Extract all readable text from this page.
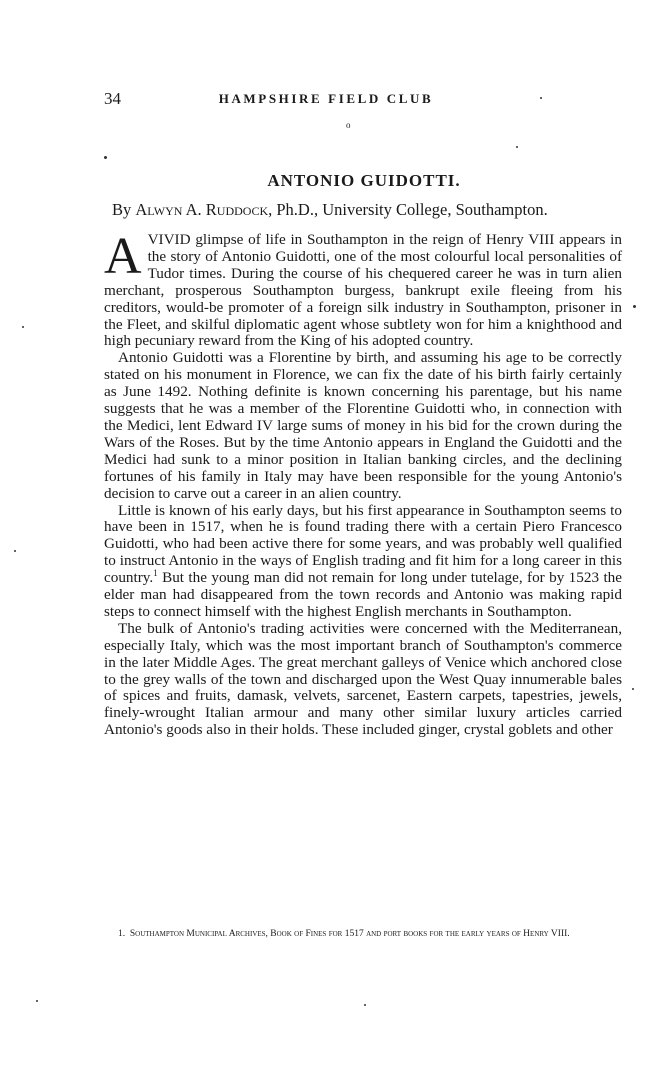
34	HAMPSHIRE FIELD CLUB
o
ANTONIO GUIDOTTI.
By Alwyn A. Ruddock, Ph.D., University College, Southampton.

AVIVID glimpse of life in Southampton in the reign of Henry VIII appears in the story of Antonio Guidotti, one of the most colourful local personalities of Tudor times. During the course of his chequered career he was in turn alien merchant, prosperous Southampton burgess, bankrupt exile fleeing from his creditors, would-be promoter of a foreign silk industry in Southampton, prisoner in the Fleet, and skilful diplomatic agent whose subtlety won for him a knighthood and high pecuniary reward from the King of his adopted country.

Antonio Guidotti was a Florentine by birth, and assuming his age to be correctly stated on his monument in Florence, we can fix the date of his birth fairly certainly as June 1492. Nothing definite is known concerning his parentage, but his name suggests that he was a member of the Florentine Guidotti who, in connection with the Medici, lent Edward IV large sums of money in his bid for the crown during the Wars of the Roses. But by the time Antonio appears in England the Guidotti and the Medici had sunk to a minor position in Italian banking circles, and the declining fortunes of his family in Italy may have been responsible for the young Antonio's decision to carve out a career in an alien country.

Little is known of his early days, but his first appearance in Southampton seems to have been in 1517, when he is found trading there with a certain Piero Francesco Guidotti, who had been active there for some years, and was probably well qualified to instruct Antonio in the ways of English trading and fit him for a long career in this country.$^1$ But the young man did not remain for long under tutelage, for by 1523 the elder man had disappeared from the town records and Antonio was making rapid steps to connect himself with the highest English merchants in Southampton.

The bulk of Antonio's trading activities were concerned with the Mediterranean, especially Italy, which was the most important branch of Southampton's commerce in the later Middle Ages. The great merchant galleys of Venice which anchored close to the grey walls of the town and discharged upon the West Quay innumerable bales of spices and fruits, damask, velvets, sarcenet, Eastern carpets, tapestries, jewels, finely-wrought Italian armour and many other similar luxury articles carried Antonio's goods also in their holds. These included ginger, crystal goblets and other

1. Southampton Municipal Archives, Book of Fines for 1517 and port books for the early years of Henry VIII.
